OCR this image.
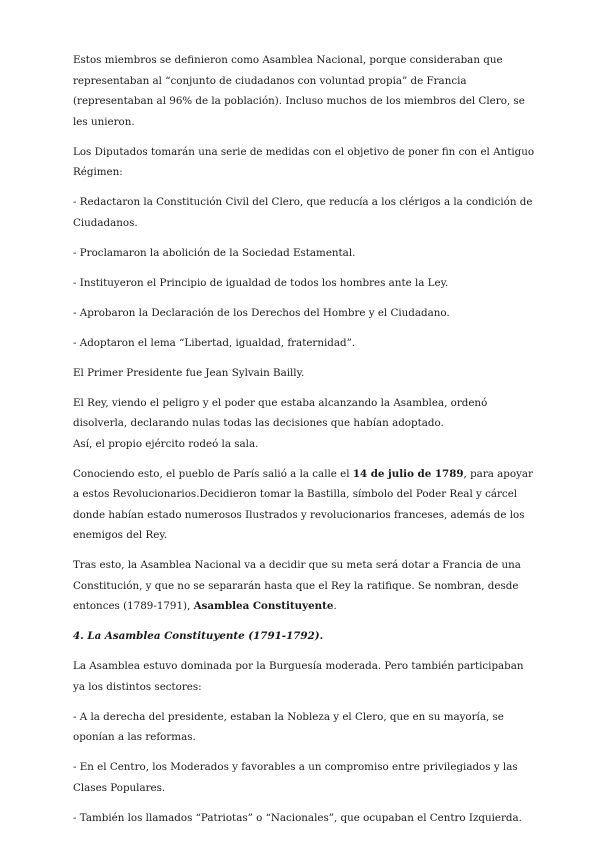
Estos miembros se definieron como Asamblea Nacional, porque consideraban que representaban al “conjunto de ciudadanos con voluntad propia” de Francia (representaban al 96% de la población). Incluso muchos de los miembros del Clero, se les unieron.

Los Diputados tomarán una serie de medidas con el objetivo de poner fin con el Antiguo Régimen:

- Redactaron la Constitución Civil del Clero, que reducía a los clérigos a la condición de Ciudadanos.

- Proclamaron la abolición de la Sociedad Estamental.

- Instituyeron el Principio de igualdad de todos los hombres ante la Ley.

- Aprobaron la Declaración de los Derechos del Hombre y el Ciudadano.

- Adoptaron el lema “Libertad, igualdad, fraternidad”.

El Primer Presidente fue Jean Sylvain Bailly.

El Rey, viendo el peligro y el poder que estaba alcanzando la Asamblea, ordenó disolverla, declarando nulas todas las decisiones que habían adoptado.

Así, el propio ejército rodeó la sala.

Conociendo esto, el pueblo de París salió a la calle el 14 de julio de 1789, para apoyar a estos Revolucionarios.Decidieron tomar la Bastilla, símbolo del Poder Real y cárcel donde habían estado numerosos Ilustrados y revolucionarios franceses, además de los enemigos del Rey.

Tras esto, la Asamblea Nacional va a decidir que su meta será dotar a Francia de una Constitución, y que no se separarán hasta que el Rey la ratifique. Se nombran, desde entonces (1789-1791), Asamblea Constituyente.

4. La Asamblea Constituyente (1791-1792).

La Asamblea estuvo dominada por la Burguesía moderada. Pero también participaban ya los distintos sectores:

- A la derecha del presidente, estaban la Nobleza y el Clero, que en su mayoría, se oponían a las reformas.

- En el Centro, los Moderados y favorables a un compromiso entre privilegiados y las Clases Populares.

- También los llamados “Patriotas” o “Nacionales”, que ocupaban el Centro Izquierda.
